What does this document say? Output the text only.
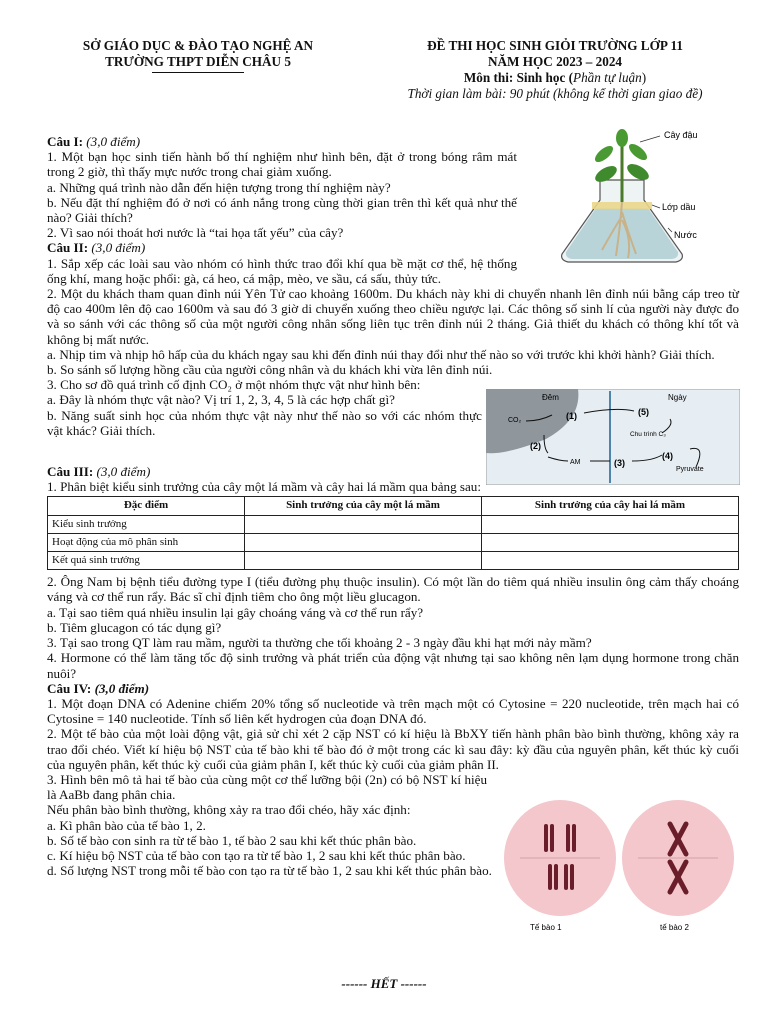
SỞ GIÁO DỤC & ĐÀO TẠO NGHỆ AN
TRƯỜNG THPT DIỄN CHÂU 5
ĐỀ THI HỌC SINH GIỎI TRƯỜNG LỚP 11
NĂM HỌC 2023 – 2024
Môn thi: Sinh học (Phần tự luận)
Thời gian làm bài: 90 phút (không kể thời gian giao đề)
Cây đậu
Lớp dầu
Nước
Đêm	Ngày
CO₂	(1)
(2)
AM	(3)
(5)
Chu trình C₃
(4)
Pyruvate
Tế bào 1	tế bào 2

Câu I: (3,0 điểm)

1. Một bạn học sinh tiến hành bố thí nghiệm như hình bên, đặt ở trong bóng râm mát trong 2 giờ, thì thấy mực nước trong chai giảm xuống.

a. Những quá trình nào dẫn đến hiện tượng trong thí nghiệm này?

b. Nếu đặt thí nghiệm đó ở nơi có ánh nắng trong cùng thời gian trên thì kết quả như thế nào? Giải thích?

2. Vì sao nói thoát hơi nước là “tai họa tất yếu” của cây?

Câu II: (3,0 điểm)

1. Sắp xếp các loài sau vào nhóm có hình thức trao đổi khí qua bề mặt cơ thể, hệ thống ống khí, mang hoặc phổi: gà, cá heo, cá mập, mèo, ve sầu, cá sấu, thủy tức.

2. Một du khách tham quan đỉnh núi Yên Tử cao khoảng 1600m. Du khách này khi di chuyển nhanh lên đỉnh núi bằng cáp treo từ độ cao 400m lên độ cao 1600m và sau đó 3 giờ di chuyển xuống theo chiều ngược lại. Các thông số sinh lí của người này được đo và so sánh với các thông số của một người công nhân sống liên tục trên đỉnh núi 2 tháng. Giả thiết du khách có thông khí tốt và không bị mất nước.

a. Nhịp tim và nhịp hô hấp của du khách ngay sau khi đến đỉnh núi thay đổi như thế nào so với trước khi khởi hành? Giải thích.

b. So sánh số lượng hồng cầu của người công nhân và du khách khi vừa lên đỉnh núi.

3. Cho sơ đồ quá trình cố định CO₂ ở một nhóm thực vật như hình bên:

a. Đây là nhóm thực vật nào? Vị trí 1, 2, 3, 4, 5 là các hợp chất gì?

b. Năng suất sinh học của nhóm thực vật này như thế nào so với các nhóm thực vật khác? Giải thích.

Câu III: (3,0 điểm)

1. Phân biệt kiểu sinh trưởng của cây một lá mầm và cây hai lá mầm qua bảng sau:

Đặc điểm	Sinh trưởng của cây một lá mầm	Sinh trưởng của cây hai lá mầm
Kiểu sinh trưởng		
Hoạt động của mô phân sinh		
Kết quả sinh trưởng		

2. Ông Nam bị bệnh tiểu đường type I (tiểu đường phụ thuộc insulin). Có một lần do tiêm quá nhiều insulin ông cảm thấy choáng váng và cơ thể run rẩy. Bác sĩ chỉ định tiêm cho ông một liều glucagon.

a. Tại sao tiêm quá nhiều insulin lại gây choáng váng và cơ thể run rẩy?

b. Tiêm glucagon có tác dụng gì?

3. Tại sao trong QT làm rau mầm, người ta thường che tối khoảng 2 - 3 ngày đầu khi hạt mới nảy mầm?

4. Hormone có thể làm tăng tốc độ sinh trưởng và phát triển của động vật nhưng tại sao không nên lạm dụng hormone trong chăn nuôi?

Câu IV: (3,0 điểm)

1. Một đoạn DNA có Adenine chiếm 20% tổng số nucleotide và trên mạch một có Cytosine = 220 nucleotide, trên mạch hai có Cytosine = 140 nucleotide. Tính số liên kết hydrogen của đoạn DNA đó.

2. Một tế bào của một loài động vật, giả sử chỉ xét 2 cặp NST có kí hiệu là BbXY tiến hành phân bào bình thường, không xảy ra trao đổi chéo. Viết kí hiệu bộ NST của tế bào khi tế bào đó ở một trong các kì sau đây: kỳ đầu của nguyên phân, kết thúc kỳ cuối của nguyên phân, kết thúc kỳ cuối của giảm phân I, kết thúc kỳ cuối của giảm phân II.

3. Hình bên mô tả hai tế bào của cùng một cơ thể lưỡng bội (2n) có bộ NST kí hiệu là AaBb đang phân chia.

Nếu phân bào bình thường, không xảy ra trao đổi chéo, hãy xác định:

a. Kì phân bào của tế bào 1, 2.

b. Số tế bào con sinh ra từ tế bào 1, tế bào 2 sau khi kết thúc phân bào.

c. Kí hiệu bộ NST của tế bào con tạo ra từ tế bào 1, 2 sau khi kết thúc phân bào.

d. Số lượng NST trong mỗi tế bào con tạo ra từ tế bào 1, 2 sau khi kết thúc phân bào.

------ HẾT ------
